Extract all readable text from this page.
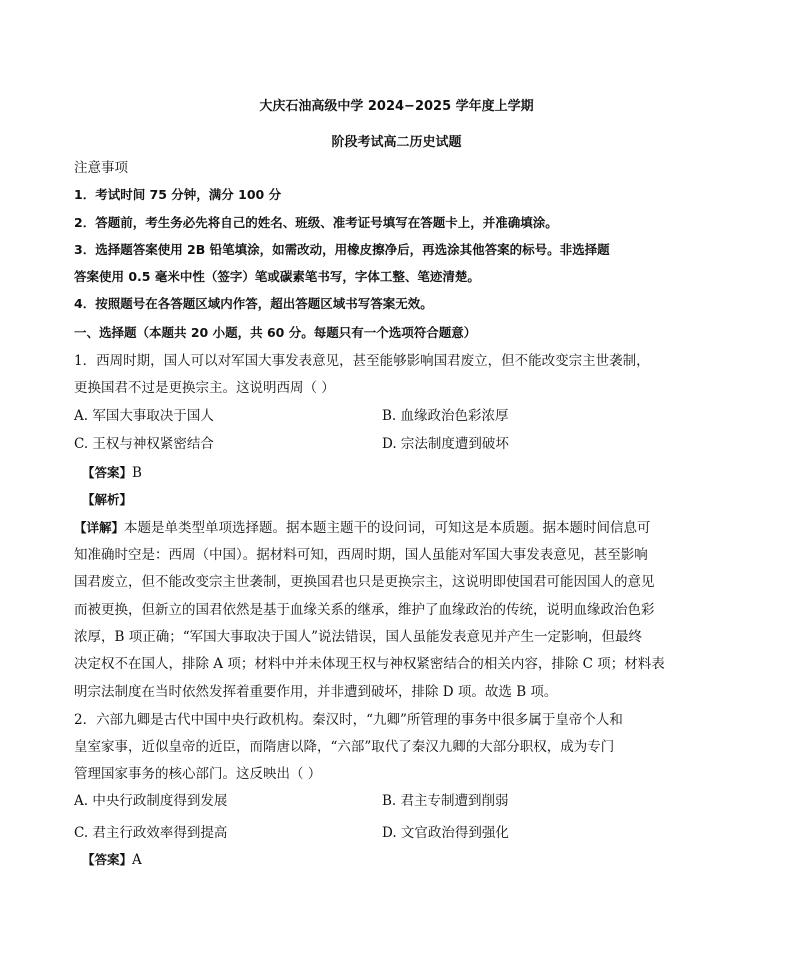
大庆石油高级中学 2024−2025 学年度上学期
阶段考试高二历史试题
注意事项
1．考试时间 75 分钟，满分 100 分
2．答题前，考生务必先将自己的姓名、班级、准考证号填写在答题卡上，并准确填涂。
3．选择题答案使用 2B 铅笔填涂，如需改动，用橡皮擦净后，再选涂其他答案的标号。非选择题
答案使用 0.5 毫米中性（签字）笔或碳素笔书写，字体工整、笔迹清楚。
4．按照题号在各答题区域内作答，超出答题区域书写答案无效。
一、选择题（本题共 20 小题，共 60 分。每题只有一个选项符合题意）
1．西周时期，国人可以对军国大事发表意见，甚至能够影响国君废立，但不能改变宗主世袭制，
更换国君不过是更换宗主。这说明西周（ ）
A. 军国大事取决于国人	B. 血缘政治色彩浓厚
C. 王权与神权紧密结合	D. 宗法制度遭到破坏
【答案】B
【解析】
【详解】本题是单类型单项选择题。据本题主题干的设问词，可知这是本质题。据本题时间信息可
知准确时空是：西周（中国）。据材料可知，西周时期，国人虽能对军国大事发表意见，甚至影响
国君废立，但不能改变宗主世袭制，更换国君也只是更换宗主，这说明即使国君可能因国人的意见
而被更换，但新立的国君依然是基于血缘关系的继承，维护了血缘政治的传统，说明血缘政治色彩
浓厚，B 项正确；“军国大事取决于国人”说法错误，国人虽能发表意见并产生一定影响，但最终
决定权不在国人，排除 A 项；材料中并未体现王权与神权紧密结合的相关内容，排除 C 项；材料表
明宗法制度在当时依然发挥着重要作用，并非遭到破坏，排除 D 项。故选 B 项。
2．六部九卿是古代中国中央行政机构。秦汉时，“九卿”所管理的事务中很多属于皇帝个人和
皇室家事，近似皇帝的近臣，而隋唐以降，“六部”取代了秦汉九卿的大部分职权，成为专门
管理国家事务的核心部门。这反映出（ ）
A. 中央行政制度得到发展	B. 君主专制遭到削弱
C. 君主行政效率得到提高	D. 文官政治得到强化
【答案】A
